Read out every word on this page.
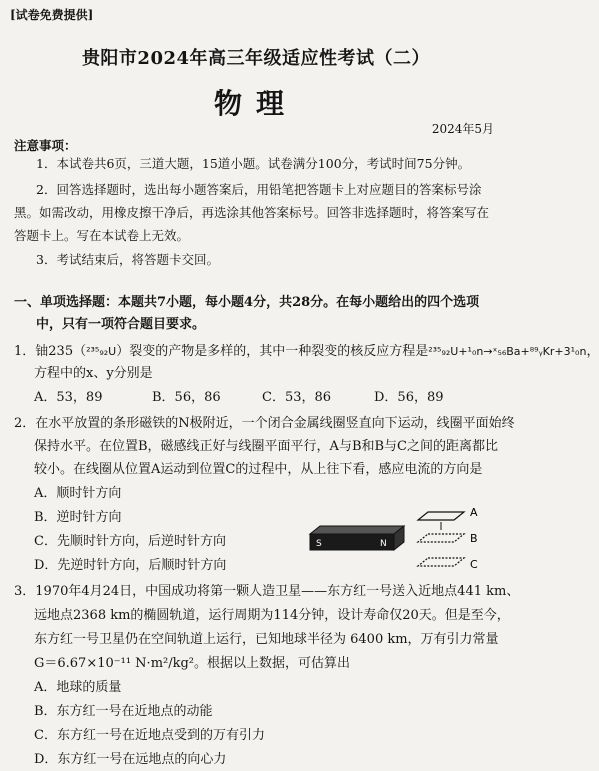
[试卷免费提供]
贵阳市2024年高三年级适应性考试（二）
物理
2024年5月
注意事项：
1．本试卷共6页，三道大题，15道小题。试卷满分100分，考试时间75分钟。
2．回答选择题时，选出每小题答案后，用铅笔把答题卡上对应题目的答案标号涂
黑。如需改动，用橡皮擦干净后，再选涂其他答案标号。回答非选择题时，将答案写在
答题卡上。写在本试卷上无效。
3．考试结束后，将答题卡交回。
一、单项选择题：本题共7小题，每小题4分，共28分。在每小题给出的四个选项
中，只有一项符合题目要求。
1．铀235（²³⁵₉₂U）裂变的产物是多样的，其中一种裂变的核反应方程是²³⁵₉₂U+¹₀n→ˣ₅₆Ba+⁸⁹ᵧKr+3¹₀n，
方程中的x、y分别是
A．53，89	B．56，86	C．53，86	D．56，89
2．在水平放置的条形磁铁的N极附近，一个闭合金属线圈竖直向下运动，线圈平面始终
保持水平。在位置B，磁感线正好与线圈平面平行，A与B和B与C之间的距离都比
较小。在线圈从位置A运动到位置C的过程中，从上往下看，感应电流的方向是
A．顺时针方向
B．逆时针方向
C．先顺时针方向，后逆时针方向
D．先逆时针方向，后顺时针方向
S	N
A
B
C
3．1970年4月24日，中国成功将第一颗人造卫星——东方红一号送入近地点441 km、
远地点2368 km的椭圆轨道，运行周期为114分钟，设计寿命仅20天。但是至今，
东方红一号卫星仍在空间轨道上运行，已知地球半径为 6400 km，万有引力常量
G＝6.67×10⁻¹¹ N·m²/kg²。根据以上数据，可估算出
A．地球的质量
B．东方红一号在近地点的动能
C．东方红一号在近地点受到的万有引力
D．东方红一号在远地点的向心力
